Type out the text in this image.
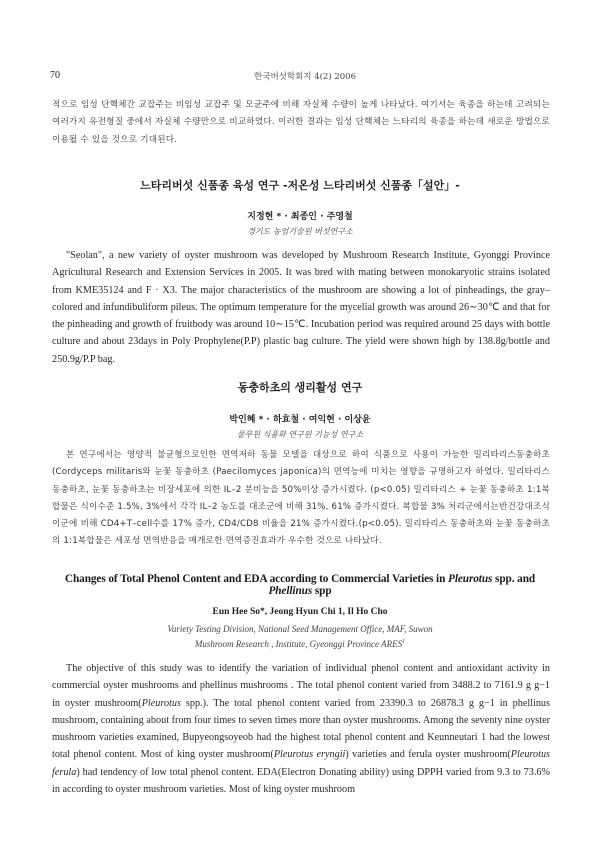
70	한국버섯학회지 4(2) 2006
적으로 임성 단핵체간 교잡주는 비임성 교잡주 및 모균주에 비해 자실체 수량이 높게 나타났다. 여기서는 육종을 하는데 고려되는 여러가지 유전형질 중에서 자실체 수량만으로 비교하였다. 이러한 결과는 임성 단핵체는 느타리의 육종을 하는데 새로운 방법으로 이용될 수 있을 것으로 기대된다.
느타리버섯 신품종 육성 연구 -저온성 느타리버섯 신품종「설안」-
지정현 * · 최종인 · 주영철
경기도 농업기술원 버섯연구소
"Seolan", a new variety of oyster mushroom was developed by Mushroom Research Institute, Gyonggi Province Agricultural Research and Extension Services in 2005. It was bred with mating between monokaryotic strains isolated from KME35124 and F · X3. The major characteristics of the mushroom are showing a lot of pinheadings, the gray–colored and infundibuliform pileus. The optimum temperature for the mycelial growth was around 26∼30℃ and that for the pinheading and growth of fruitbody was around 10∼15℃. Incubation period was required around 25 days with bottle culture and about 23days in Poly Prophylene(P.P) plastic bag culture. The yield were shown high by 138.8g/bottle and 250.9g/P.P bag.
동충하초의 생리활성 연구
박인혜 * · 하효철 · 여익현 · 이상윤
풀무원 식품화 연구원 기능성 연구소
본 연구에서는 영양적 불균형으로인한 면역저하 동물 모델을 대상으로 하여 식품으로 사용이 가능한 밀리타리스동충하초 (Cordyceps militaris와 눈꽃 동충하초 (Paecilomyces japonica)의 면역능에 미치는 영향을 규명하고자 하였다. 밀리타리스동충하초, 눈꽃 동충하초는 비장세포에 의한 IL–2 분비능을 50%이상 증가시켰다. (p<0.05) 밀리타리스 + 눈꽃 동충하초 1:1복합물은 식이수준 1.5%, 3%에서 각각 IL–2 농도를 대조군에 비해 31%, 61% 증가시켰다. 복합물 3% 처리군에서는반건강대조식이군에 비해 CD4+T–cell수를 17% 증가, CD4/CD8 비율을 21% 증가시켰다.(p<0.05). 밀리타리스 동충하초와 눈꽃 동충하초의 1:1복합물은 세포성 면역반응을 매개로한 면역증진효과가 우수한 것으로 나타났다.
Changes of Total Phenol Content and EDA according to Commercial Varieties in Pleurotus spp. and Phellinus spp
Eun Hee So*, Jeong Hyun Chi 1, Il Ho Cho
Variety Testing Division, National Seed Management Office, MAF, Suwon
Mushroom Research , Institute, Gyeonggi Province ARES$^1$
The objective of this study was to identify the variation of individual phenol content and antioxidant activity in commercial oyster mushrooms and phellinus mushrooms . The total phenol content varied from 3488.2 to 7161.9 g g−1 in oyster mushroom(Pleurotus spp.). The total phenol content varied from 23390.3 to 26878.3 g g−1 in phellinus mushroom, containing about from four times to seven times more than oyster mushrooms. Among the seventy nine oyster mushroom varieties examined, Bupyeongsoyeob had the highest total phenol content and Keunneutari 1 had the lowest total phenol content. Most of king oyster mushroom(Pleurotus eryngii) varieties and ferula oyster mushroom(Pleurotus ferula) had tendency of low total phenol content. EDA(Electron Donating ability) using DPPH varied from 9.3 to 73.6% in according to oyster mushroom varieties. Most of king oyster mushroom
